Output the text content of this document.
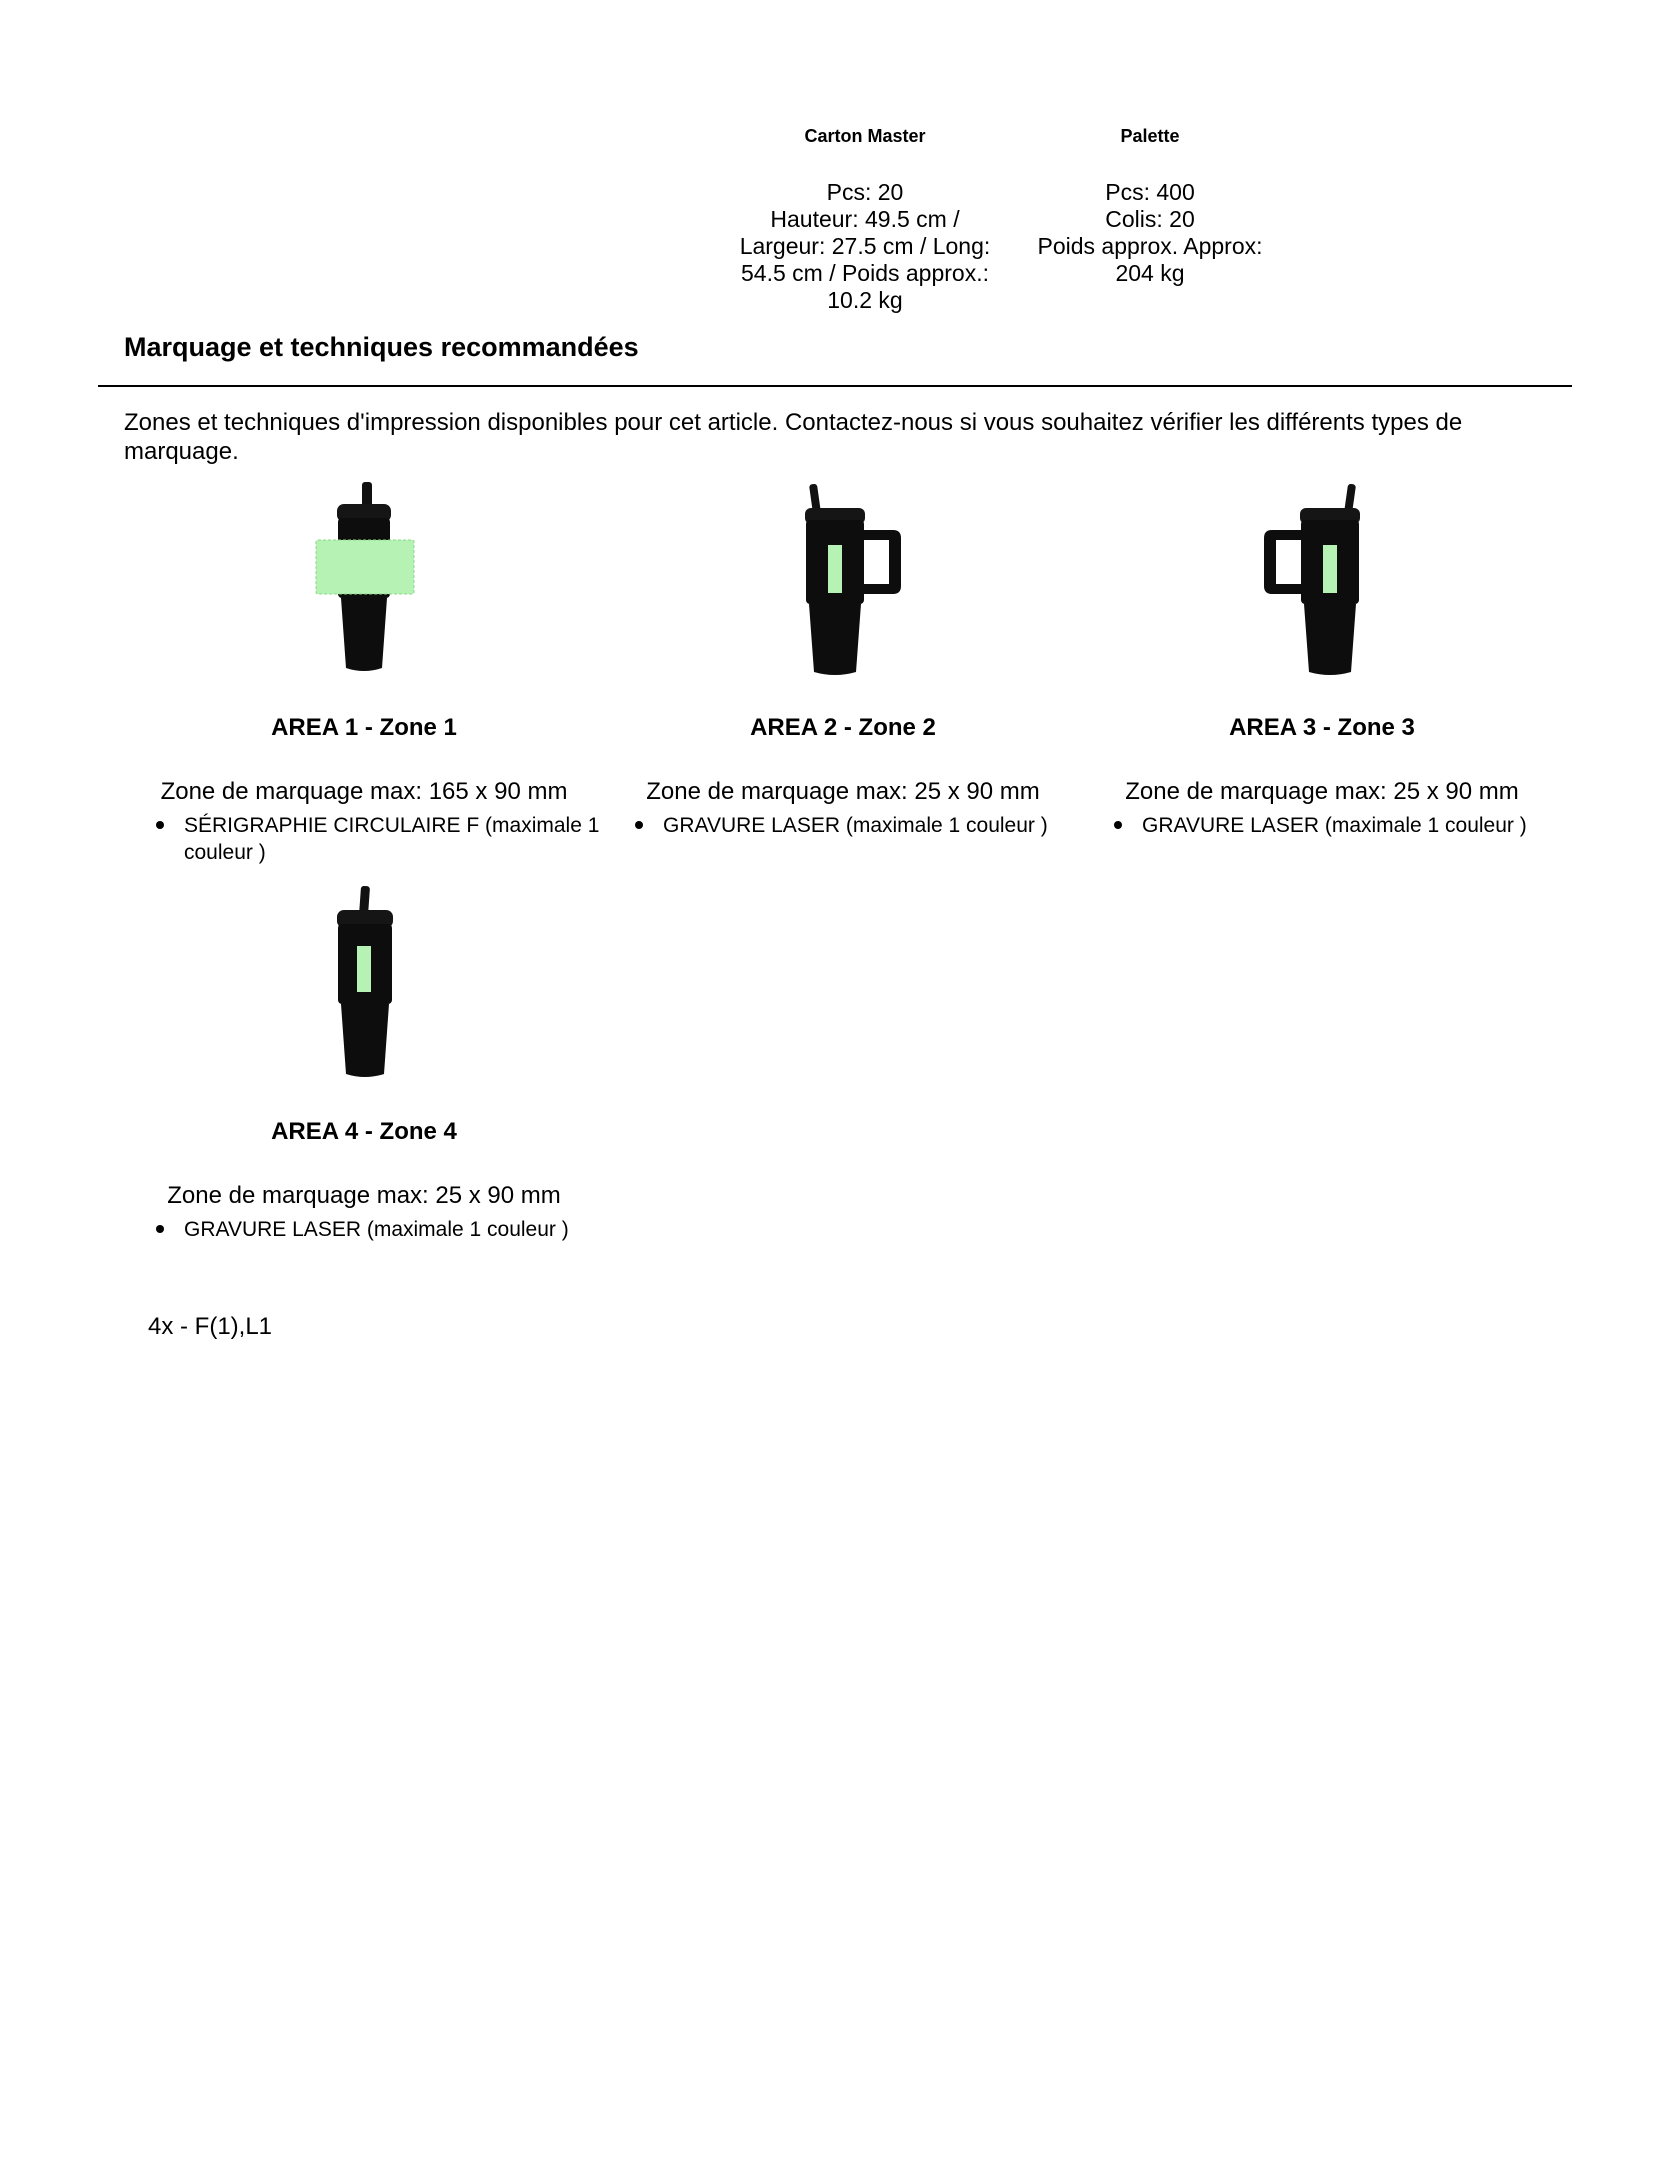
Carton Master
Pcs: 20
Hauteur: 49.5 cm /
Largeur: 27.5 cm / Long:
54.5 cm / Poids approx.:
10.2 kg
Palette
Pcs: 400
Colis: 20
Poids approx. Approx:
204 kg
Marquage et techniques recommandées
Zones et techniques d'impression disponibles pour cet article. Contactez-nous si vous souhaitez vérifier les différents types de marquage.
AREA 1 - Zone 1
Zone de marquage max: 165 x 90 mm
SÉRIGRAPHIE CIRCULAIRE F (maximale 1 couleur )
AREA 2 - Zone 2
Zone de marquage max: 25 x 90 mm
GRAVURE LASER (maximale 1 couleur )
AREA 3 - Zone 3
Zone de marquage max: 25 x 90 mm
GRAVURE LASER (maximale 1 couleur )
AREA 4 - Zone 4
Zone de marquage max: 25 x 90 mm
GRAVURE LASER (maximale 1 couleur )
4x - F(1),L1
